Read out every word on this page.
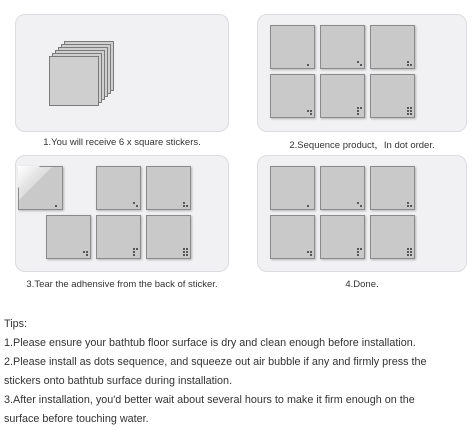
1.You will receive 6 x square stickers.	2.Sequence product，In dot order.
3.Tear the adhensive from the back of sticker.	4.Done.
Tips:
1.Please ensure your bathtub floor surface is dry and clean enough before installation.
2.Please install as dots sequence, and squeeze out air bubble if any and firmly press the
stickers onto bathtub surface during installation.
3.After installation, you'd better wait about several hours to make it firm enough on the
surface before touching water.
